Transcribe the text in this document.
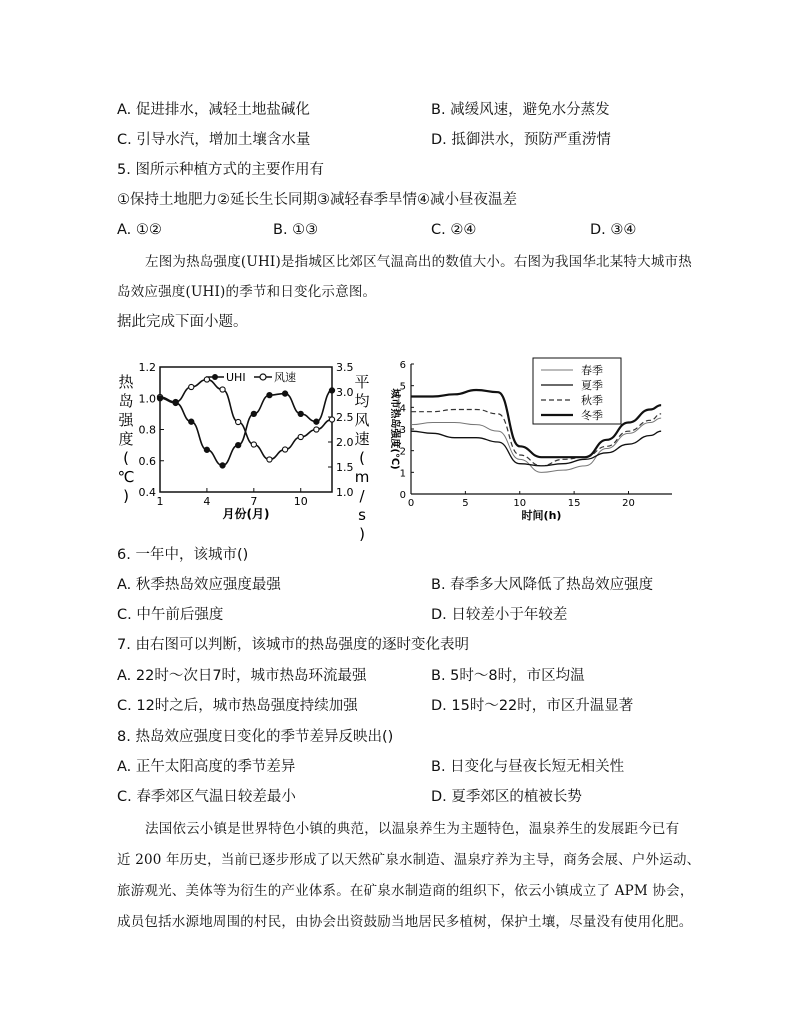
A. 促进排水，减轻土地盐碱化	B. 减缓风速，避免水分蒸发
C. 引导水汽，增加土壤含水量	D. 抵御洪水，预防严重涝情
5. 图所示种植方式的主要作用有
①保持土地肥力②延长生长同期③减轻春季旱情④减小昼夜温差
A. ①②	B. ①③	C. ②④	D. ③④
左图为热岛强度(UHI)是指城区比郊区气温高出的数值大小。右图为我国华北某特大城市热
岛效应强度(UHI)的季节和日变化示意图。
据此完成下面小题。
1.2
1.0
0.8
0.6
0.4
3.5
3.0
2.5
2.0
1.5
1.0
1	4	7	10
月份(月)
热
岛
强
度
(
℃
)
平
均
风
速
(
m
/
s
)
UHI	风速
0
1
2
3
4
5
6
0	5	10	15	20
时间(h)
城市热岛强度(℃)
春季
夏季
秋季
冬季
6. 一年中，该城市()
A. 秋季热岛效应强度最强	B. 春季多大风降低了热岛效应强度
C. 中午前后强度	D. 日较差小于年较差
7. 由右图可以判断，该城市的热岛强度的逐时变化表明
A. 22时～次日7时，城市热岛环流最强	B. 5时～8时，市区均温
C. 12时之后，城市热岛强度持续加强	D. 15时～22时，市区升温显著
8. 热岛效应强度日变化的季节差异反映出()
A. 正午太阳高度的季节差异	B. 日变化与昼夜长短无相关性
C. 春季郊区气温日较差最小	D. 夏季郊区的植被长势
法国依云小镇是世界特色小镇的典范，以温泉养生为主题特色，温泉养生的发展距今已有
近 200 年历史，当前已逐步形成了以天然矿泉水制造、温泉疗养为主导，商务会展、户外运动、
旅游观光、美体等为衍生的产业体系。在矿泉水制造商的组织下，依云小镇成立了 APM 协会，
成员包括水源地周围的村民，由协会出资鼓励当地居民多植树，保护土壤，尽量没有使用化肥。
